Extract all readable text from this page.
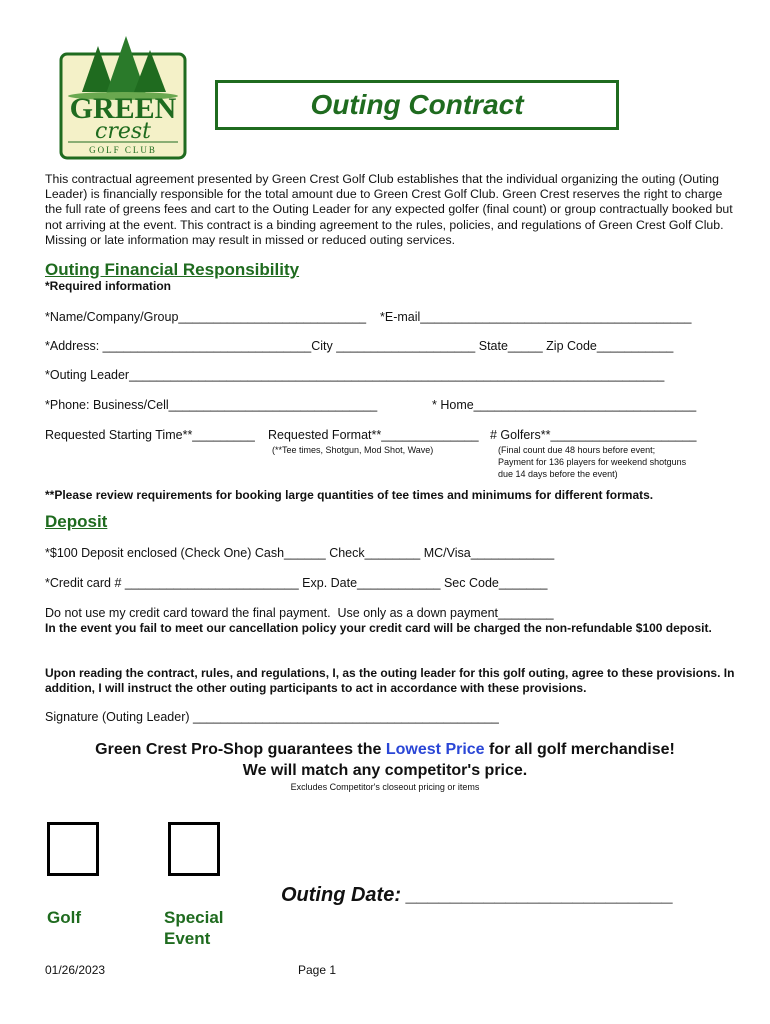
GREEN
crest
GOLF CLUB
Outing Contract

This contractual agreement presented by Green Crest Golf Club establishes that the individual organizing the outing (Outing Leader) is financially responsible for the total amount due to Green Crest Golf Club. Green Crest reserves the right to charge the full rate of greens fees and cart to the Outing Leader for any expected golfer (final count) or group contractually booked but not arriving at the event. This contract is a binding agreement to the rules, policies, and regulations of Green Crest Golf Club. Missing or late information may result in missed or reduced outing services.

Outing Financial Responsibility

*Required information

*Name/Company/Group___________________________ *E-mail_______________________________________

*Address: ______________________________City ____________________ State_____ Zip Code___________

*Outing Leader_____________________________________________________________________________

*Phone: Business/Cell______________________________	* Home________________________________

Requested Starting Time**_________ Requested Format**______________ # Golfers**_____________________

(**Tee times, Shotgun, Mod Shot, Wave)	(Final count due 48 hours before event;
Payment for 136 players for weekend shotguns
due 14 days before the event)

**Please review requirements for booking large quantities of tee times and minimums for different formats.

Deposit

*$100 Deposit enclosed (Check One) Cash______ Check________ MC/Visa____________

*Credit card # _________________________ Exp. Date____________ Sec Code_______

Do not use my credit card toward the final payment.  Use only as a down payment________

In the event you fail to meet our cancellation policy your credit card will be charged the non-refundable $100 deposit.

Upon reading the contract, rules, and regulations, I, as the outing leader for this golf outing, agree to these provisions. In addition, I will instruct the other outing participants to act in accordance with these provisions.

Signature (Outing Leader) ____________________________________________

Green Crest Pro-Shop guarantees the Lowest Price for all golf merchandise!

We will match any competitor's price.

Excludes Competitor's closeout pricing or items

Golf	Special

Event

Outing Date: ________________________

01/26/2023	Page 1
